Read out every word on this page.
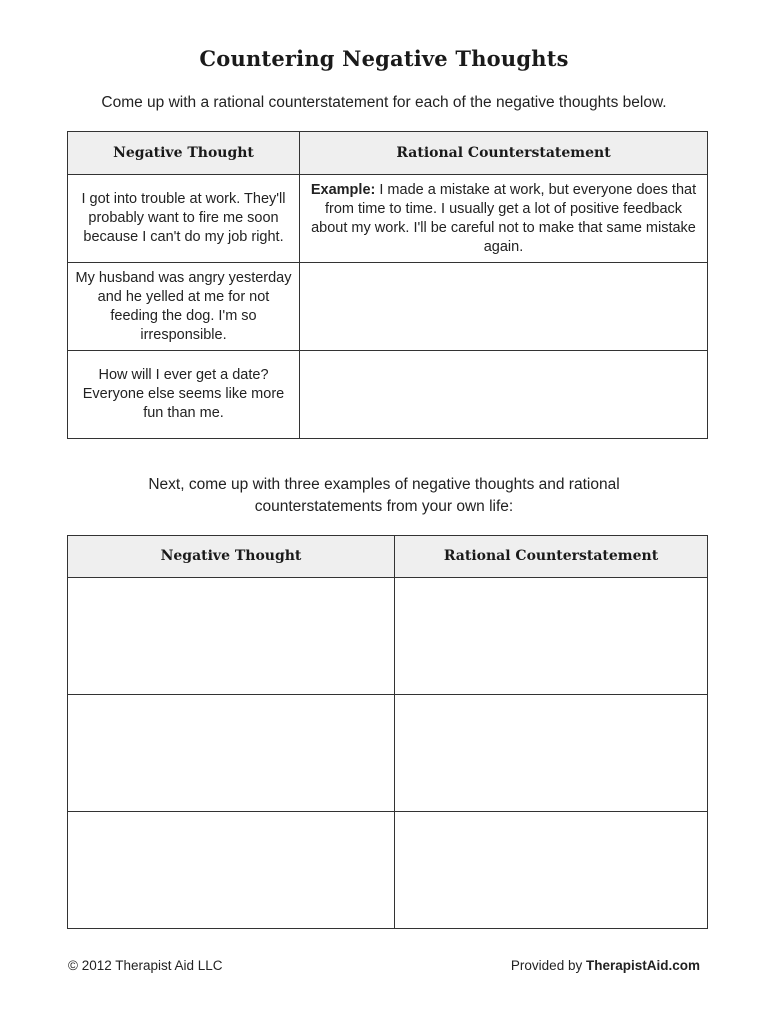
Countering Negative Thoughts
Come up with a rational counterstatement for each of the negative thoughts below.
Negative Thought	Rational Counterstatement
I got into trouble at work. They'll probably want to fire me soon because I can't do my job right.	Example: I made a mistake at work, but everyone does that from time to time. I usually get a lot of positive feedback about my work. I'll be careful not to make that same mistake again.
My husband was angry yesterday and he yelled at me for not feeding the dog. I'm so irresponsible.	
How will I ever get a date? Everyone else seems like more fun than me.	
Next, come up with three examples of negative thoughts and rational
counterstatements from your own life:
Negative Thought	Rational Counterstatement

© 2012 Therapist Aid LLC	Provided by TherapistAid.com
